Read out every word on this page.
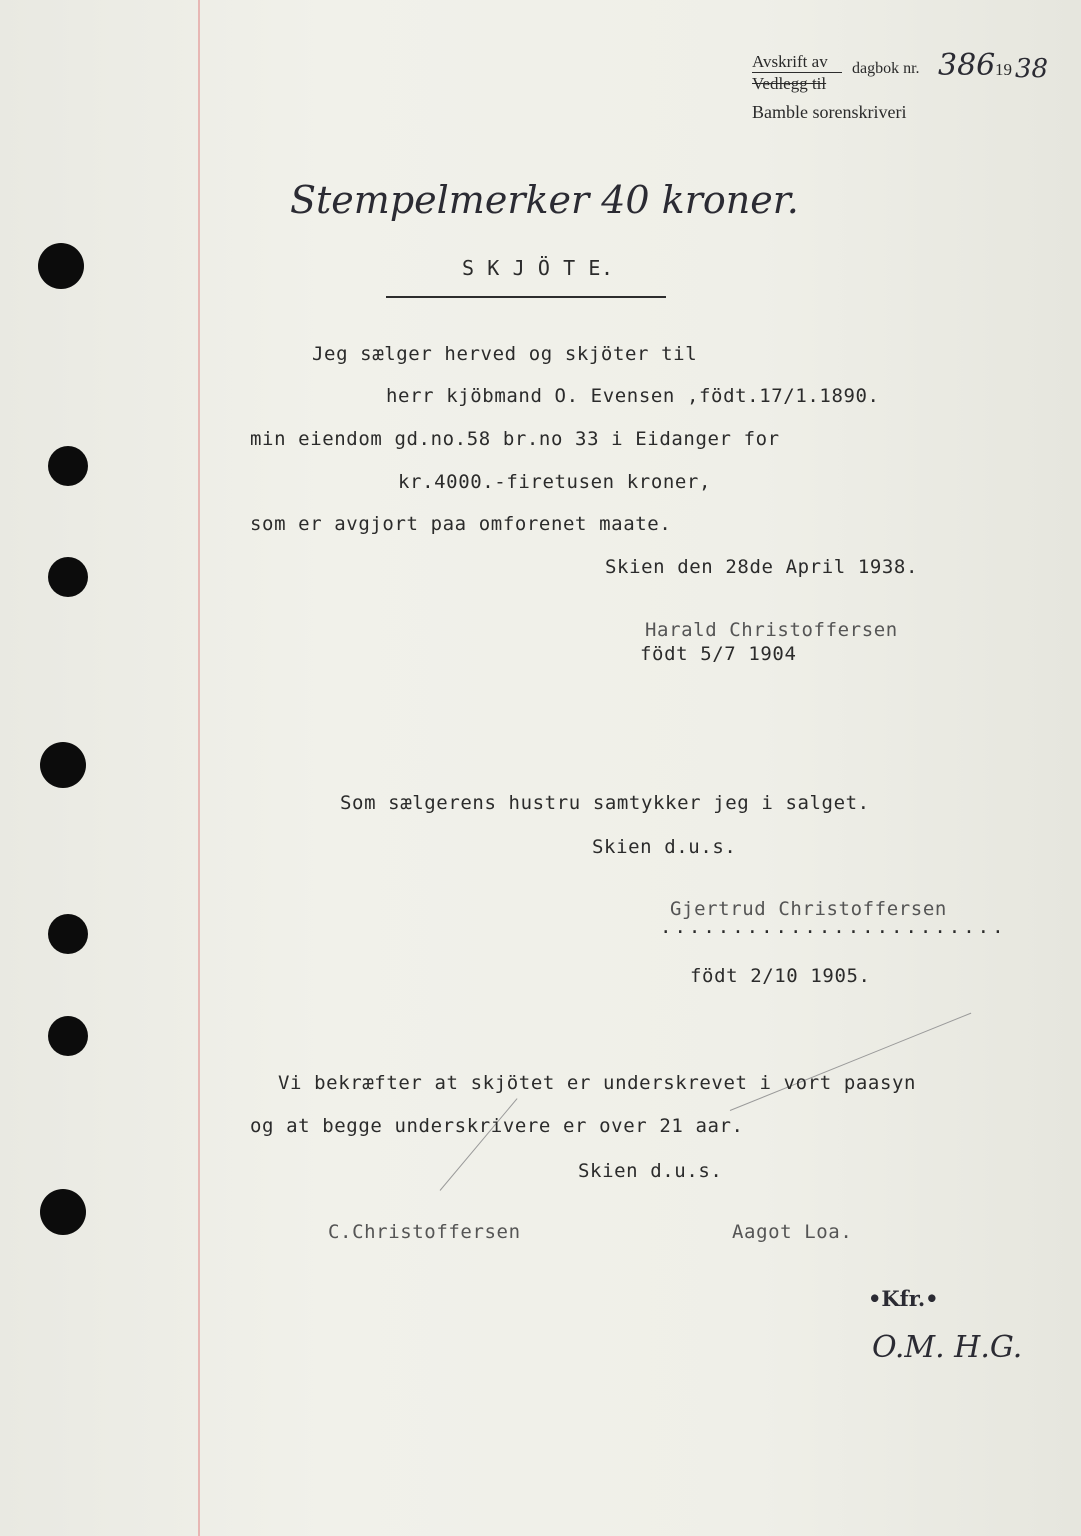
Avskrift av dagbok nr. 386 19 38
Vedlegg til
Bamble sorenskriveri
Stempelmerker 40 kroner.
S K J Ö T E.
Jeg sælger herved og skjöter til
herr kjöbmand O. Evensen ,födt.17/1.1890.
min eiendom gd.no.58 br.no 33 i Eidanger for
kr.4000.-firetusen kroner,
som er avgjort paa omforenet maate.
Skien den 28de April 1938.
Harald Christoffersen
födt 5/7 1904
Som sælgerens hustru samtykker jeg i salget.
Skien d.u.s.
Gjertrud Christoffersen
........................
födt 2/10 1905.
Vi bekræfter at skjötet er underskrevet i vort paasyn
og at begge underskrivere er over 21 aar.
Skien d.u.s.
C.Christoffersen	Aagot Loa.
•Kfr.•
O.M. H.G.
